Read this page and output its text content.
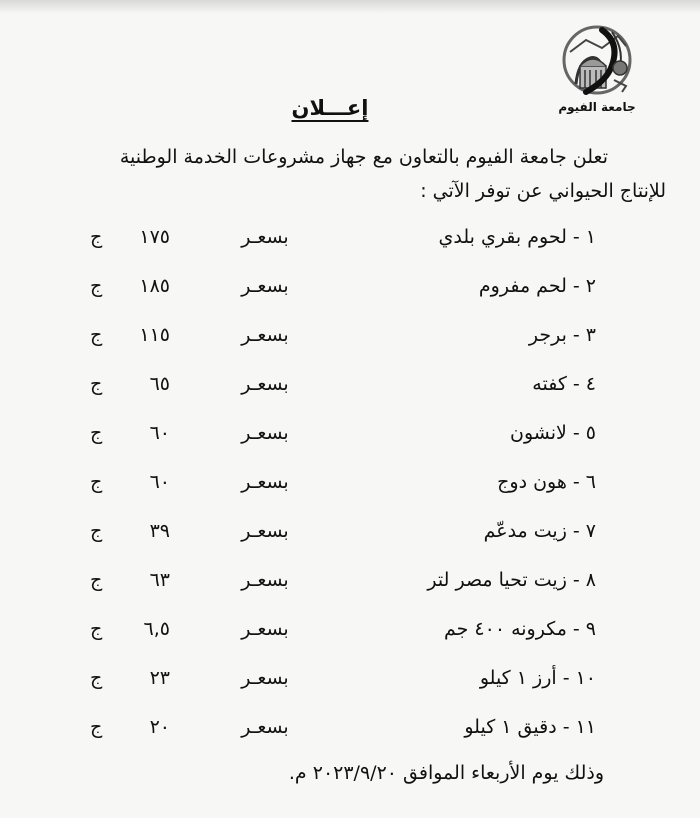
جامعة الفيوم
إعـــلان
تعلن جامعة الفيوم بالتعاون مع جهاز مشروعات الخدمة الوطنية
للإنتاج الحيواني عن توفر الآتي :
١- لحوم بقري بلدي
بسعـر
١٧٥
ج
٢- لحم مفروم
بسعـر
١٨٥
ج
٣- برجر
بسعـر
١١٥
ج
٤- كفته
بسعـر
٦٥
ج
٥- لانشون
بسعـر
٦٠
ج
٦- هون دوج
بسعـر
٦٠
ج
٧- زيت مدعّم
بسعـر
٣٩
ج
٨- زيت تحيا مصر لتر
بسعـر
٦٣
ج
٩- مكرونه ٤٠٠ جم
بسعـر
٦,٥
ج
١٠- أرز ١ كيلو
بسعـر
٢٣
ج
١١- دقيق ١ كيلو
بسعـر
٢٠
ج
وذلك يوم الأربعاء الموافق ٢٠٢٣/٩/٢٠ م.
